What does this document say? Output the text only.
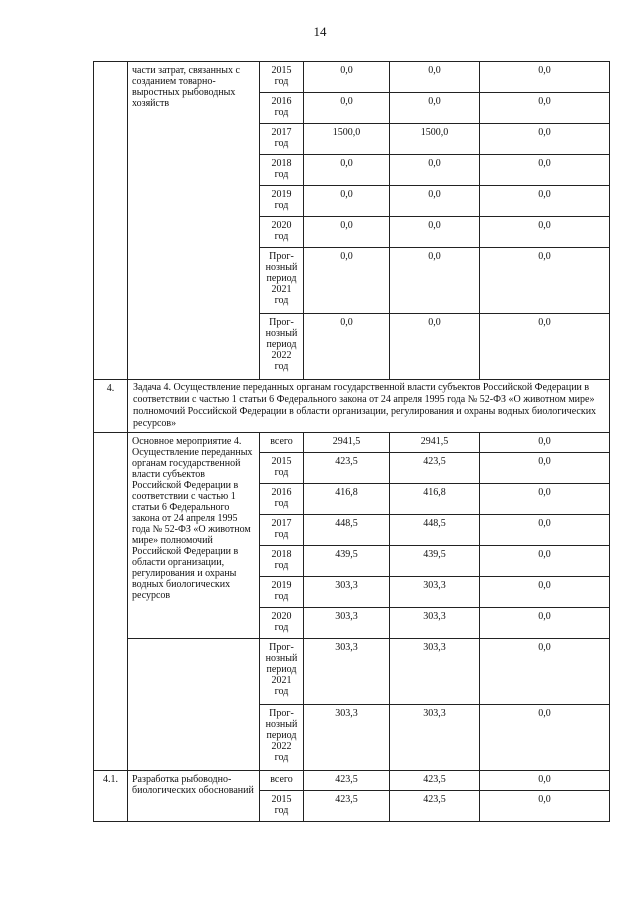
14
	части затрат, связанных с созданием товарно-выростных рыбоводных хозяйств	2015
год	0,0	0,0	0,0
		2016
год	0,0	0,0	0,0
		2017
год	1500,0	1500,0	0,0
		2018
год	0,0	0,0	0,0
		2019
год	0,0	0,0	0,0
		2020
год	0,0	0,0	0,0
		Прог-
нозный
период
2021
год	0,0	0,0	0,0
		Прог-
нозный
период
2022
год	0,0	0,0	0,0
4.	Задача 4. Осуществление переданных органам государственной власти субъектов Российской Федерации в соответствии с частью 1 статьи 6 Федерального закона от 24 апреля 1995 года № 52-ФЗ «О животном мире» полномочий Российской Федерации в области организации, регулирования и охраны водных биологических ресурсов»				
	Основное мероприятие 4. Осуществление переданных органам государственной власти субъектов Российской Федерации в соответствии с частью 1 статьи 6 Федерального закона от 24 апреля 1995 года № 52-ФЗ «О животном мире» полномочий Российской Федерации в области организации, регулирования и охраны водных биологических ресурсов	всего	2941,5	2941,5	0,0
		2015
год	423,5	423,5	0,0
		2016
год	416,8	416,8	0,0
		2017
год	448,5	448,5	0,0
		2018
год	439,5	439,5	0,0
		2019
год	303,3	303,3	0,0
		2020
год	303,3	303,3	0,0
		Прог-
нозный
период
2021
год	303,3	303,3	0,0
		Прог-
нозный
период
2022
год	303,3	303,3	0,0
4.1.	Разработка рыбоводно-биологических обоснований	всего	423,5	423,5	0,0
		2015
год	423,5	423,5	0,0
